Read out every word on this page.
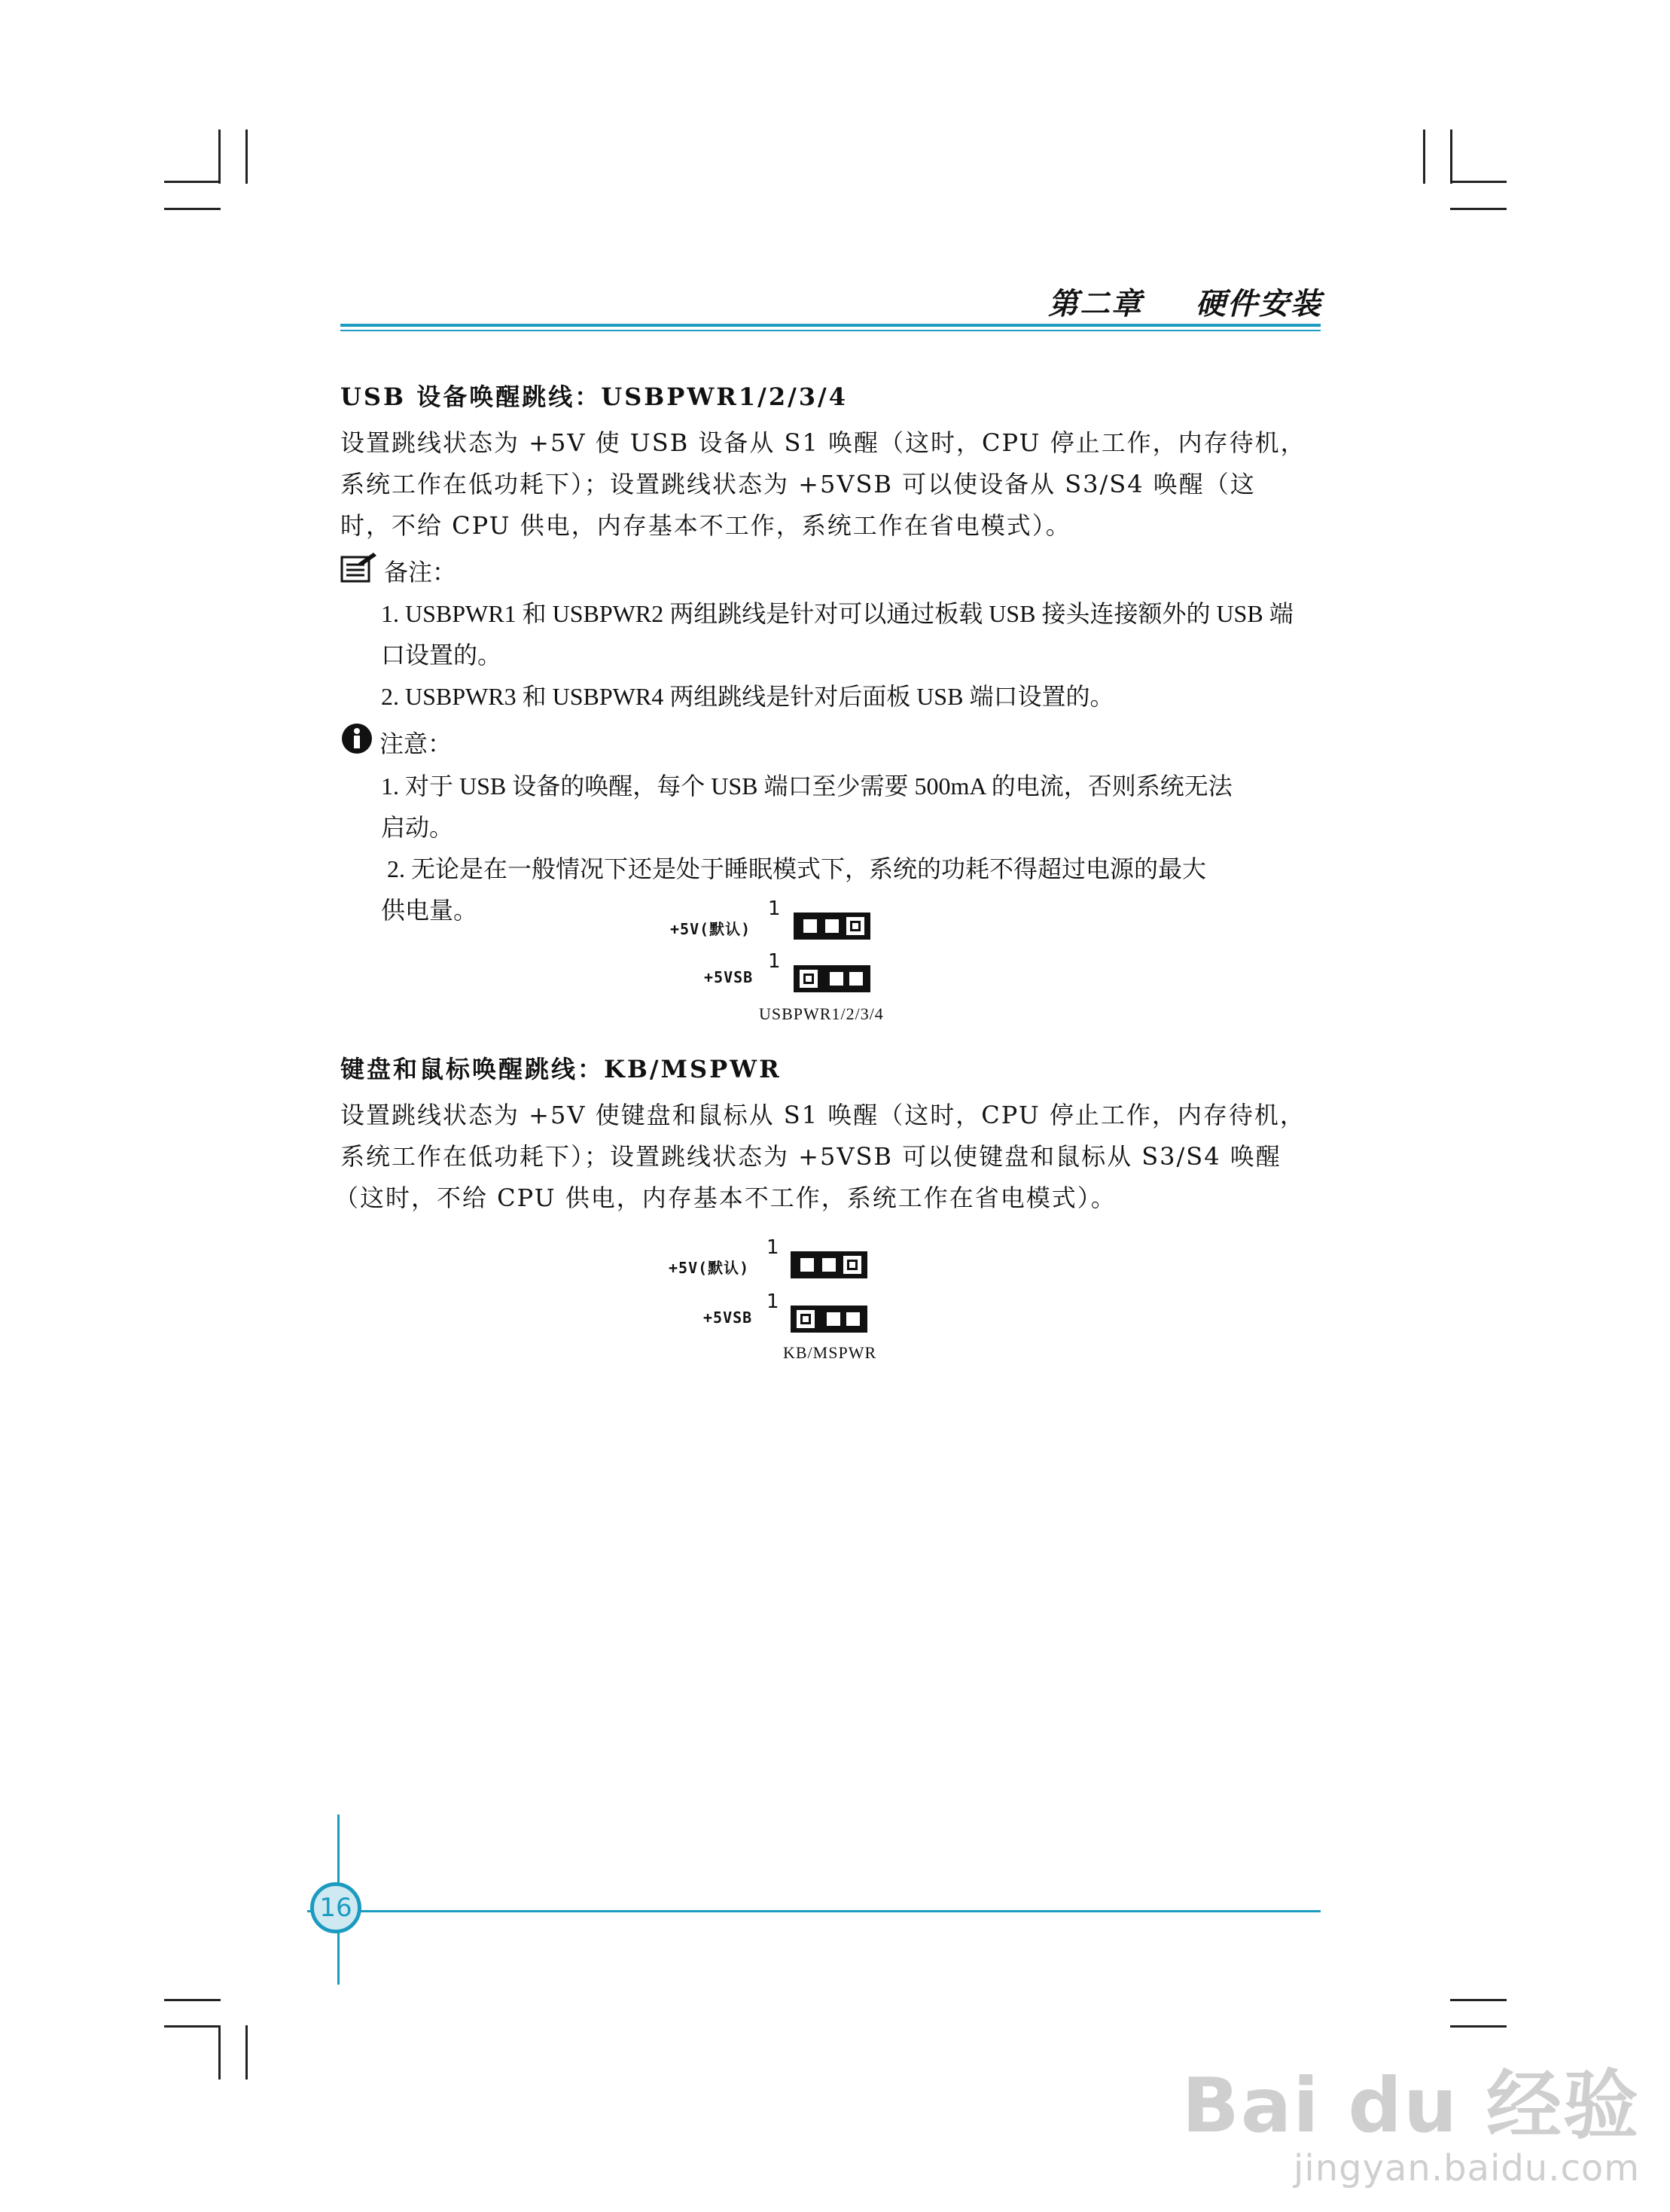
第二章 硬件安装
USB 设备唤醒跳线：USBPWR1/2/3/4
设置跳线状态为 +5V 使 USB 设备从 S1 唤醒（这时，CPU 停止工作，内存待机，
系统工作在低功耗下）；设置跳线状态为 +5VSB 可以使设备从 S3/S4 唤醒（这
时，不给 CPU 供电，内存基本不工作，系统工作在省电模式）。
备注：
1. USBPWR1 和 USBPWR2 两组跳线是针对可以通过板载 USB 接头连接额外的 USB 端
口设置的。
2. USBPWR3 和 USBPWR4 两组跳线是针对后面板 USB 端口设置的。
注意：
1. 对于 USB 设备的唤醒，每个 USB 端口至少需要 500mA 的电流，否则系统无法
启动。
2. 无论是在一般情况下还是处于睡眠模式下，系统的功耗不得超过电源的最大
供电量。
+5V(默认)
1
+5VSB
1
USBPWR1/2/3/4
键盘和鼠标唤醒跳线：KB/MSPWR
设置跳线状态为 +5V 使键盘和鼠标从 S1 唤醒（这时，CPU 停止工作，内存待机，
系统工作在低功耗下）；设置跳线状态为 +5VSB 可以使键盘和鼠标从 S3/S4 唤醒
（这时，不给 CPU 供电，内存基本不工作，系统工作在省电模式）。
+5V(默认)
1
+5VSB
1
KB/MSPWR
16
Bai du 经验
jingyan.baidu.com
